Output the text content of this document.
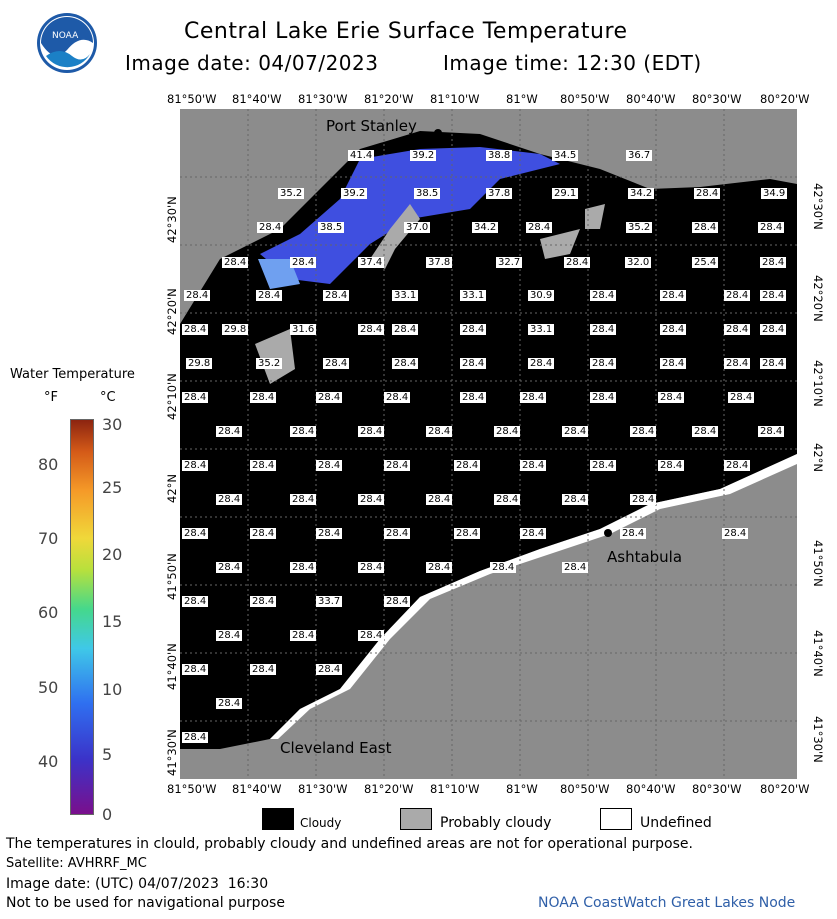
NOAA	Central Lake Erie Surface Temperature
Image date: 04/07/2023	Image time: 12:30 (EDT)
81°50'W 81°40'W 81°30'W 81°20'W 81°10'W 81°W 80°50'W 80°40'W 80°30'W 80°20'W
81°50'W 81°40'W 81°30'W 81°20'W 81°10'W 81°W 80°50'W 80°40'W 80°30'W 80°20'W
42°30'N
42°20'N
42°10'N
42°N
41°50'N
41°40'N
41°30'N
42°30'N
42°20'N
42°10'N
42°N
41°50'N
41°40'N
41°30'N
41.4	39.2	38.8	34.5	36.7
35.2	39.2	38.5	37.8	29.1	34.2	28.4	34.9
28.4	38.5	37.0	34.2	28.4	35.2	28.4	28.4
28.4	28.4	37.4	37.8	32.7	28.4	32.0	25.4	28.4
28.4	28.4	28.4	33.1	33.1	30.9	28.4	28.4	28.4 28.4
28.4 29.8	31.6	28.4 28.4	28.4	33.1	28.4	28.4	28.4 28.4
29.8	35.2	28.4	28.4	28.4	28.4	28.4	28.4	28.4 28.4
28.4	28.4	28.4	28.4	28.4	28.4	28.4	28.4	28.4
28.4	28.4	28.4	28.4	28.4	28.4	28.4	28.4	28.4
28.4	28.4	28.4	28.4	28.4	28.4	28.4	28.4	28.4
28.4	28.4	28.4	28.4	28.4	28.4	28.4
28.4	28.4	28.4	28.4	28.4	28.4	28.4	28.4
28.4	28.4	28.4	28.4	28.4	28.4
28.4	28.4	33.7	28.4
28.4	28.4	28.4
28.4	28.4	28.4
28.4
28.4
Port Stanley
Ashtabula
Cleveland East
Water Temperature
°F	°C
80
70
60
50
40
30
25
20
15
10
5
0	Cloudy	Probably cloudy	Undefined
The temperatures in clould, probably cloudy and undefined areas are not for operational purpose.
Satellite: AVHRRF_MC
Image date: (UTC) 04/07/2023  16:30
Not to be used for navigational purpose	NOAA CoastWatch Great Lakes Node
